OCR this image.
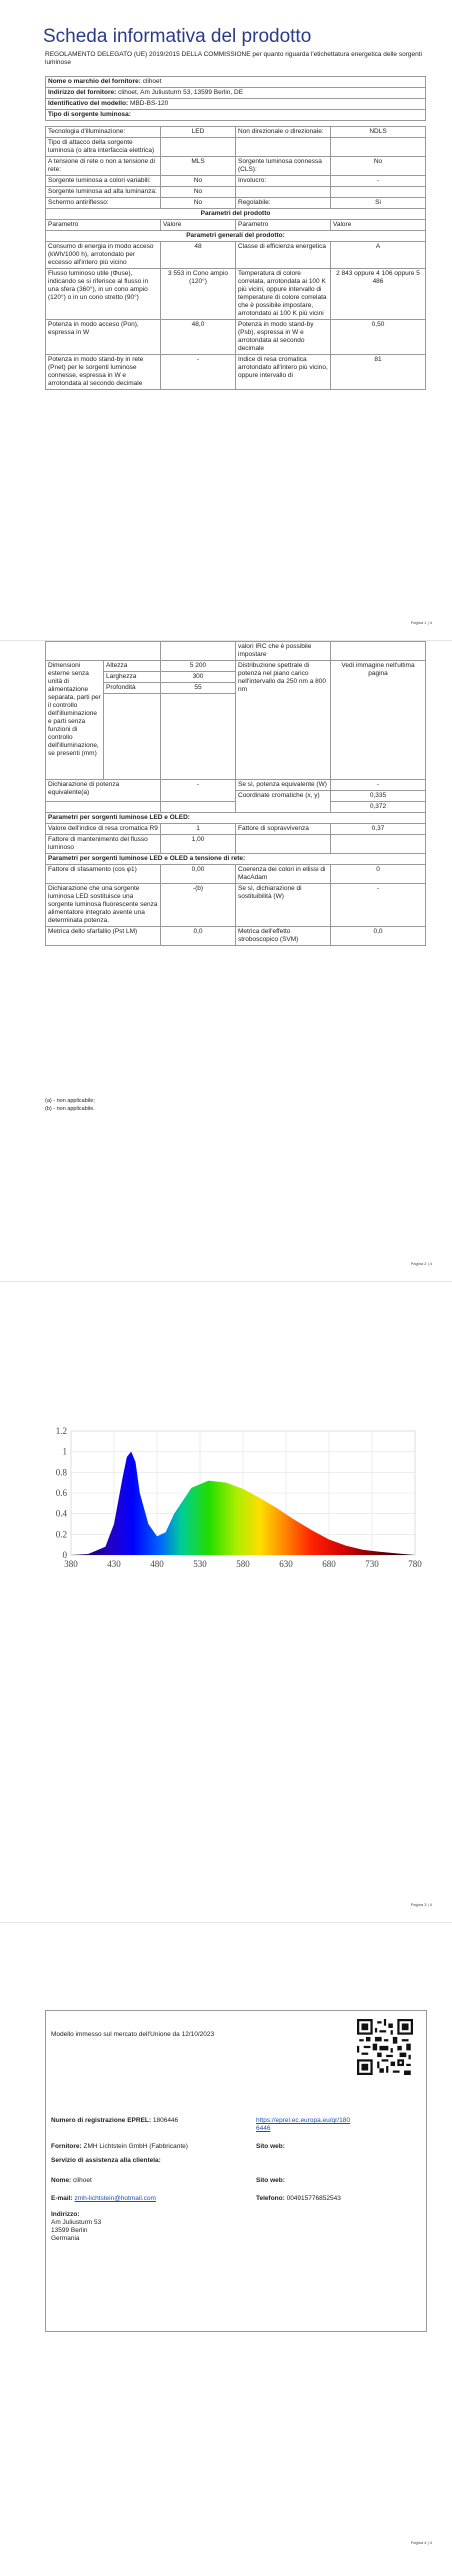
Scheda informativa del prodotto
REGOLAMENTO DELEGATO (UE) 2019/2015 DELLA COMMISSIONE per quanto riguarda l'etichettatura energetica delle sorgenti luminose
Nome o marchio del fornitore: clihoet
Indirizzo del fornitore: clihoet, Am Juliusturm 53, 13599 Berlin, DE
Identificativo del modello: MBD-BS-120
Tipo di sorgente luminosa:
Tecnologia d'illuminazione:	LED	Non direzionale o direzionale:	NDLS
Tipo di attacco della sorgente luminosa (o altra interfaccia elettrica)			
A tensione di rete o non a tensione di rete:	MLS	Sorgente luminosa connessa (CLS):	No
Sorgente luminosa a colori variabili:	No	Involucro:	-
Sorgente luminosa ad alta luminanza:	No		
Schermo antiriflesso:	No	Regolabile:	Si
Parametri del prodotto			
Parametro	Valore	Parametro	Valore
Parametri generali del prodotto:			
Consumo di energia in modo acceso (kWh/1000 h), arrotondato per eccesso all'intero più vicino	48	Classe di efficienza energetica	A
Flusso luminoso utile (Φuse), indicando se si riferisce al flusso in una sfera (360°), in un cono ampio (120°) o in un cono stretto (90°)	3 553 in Cono ampio (120°)	Temperatura di colore correlata, arrotondata ai 100 K più vicini, oppure intervallo di temperature di colore correlata che è possibile impostare, arrotondato ai 100 K più vicini	2 843 oppure 4 106 oppure 5 486
Potenza in modo acceso (Pon), espressa in W	48,0	Potenza in modo stand-by (Psb), espressa in W e arrotondata al secondo decimale	0,50
Potenza in modo stand-by in rete (Pnet) per le sorgenti luminose connesse, espressa in W e arrotondata al secondo decimale	-	Indice di resa cromatica arrotondato all'intero più vicino, oppure intervallo di	81
Pagina 1 | 4
			valori IRC che è possibile impostare	
Dimensioni esterne senza unità di alimentazione separata, parti per il controllo dell'illuminazione e parti senza funzioni di controllo dell'illuminazione, se presenti (mm)	Altezza	5 200	Distribuzione spettrale di potenza nel piano carico nell'intervallo da 250 nm a 800 nm	Vedi immagine nell'ultima pagina
	Larghezza	300		
	Profondità	55		

Dichiarazione di potenza equivalente(a)		-	Se sì, potenza equivalente (W)	-
			Coordinate cromatiche (x, y)	0,335
				0,372
Parametri per sorgenti luminose LED e OLED:				
Valore dell'indice di resa cromatica R9		1	Fattore di sopravvivenza	0,37
Fattore di mantenimento del flusso luminoso		1,00		
Parametri per sorgenti luminose LED e OLED a tensione di rete:				
Fattore di sfasamento (cos φ1)		0,00	Coerenza dei colori in ellissi di MacAdam	0
Dichiarazione che una sorgente luminosa LED sostituisce una sorgente luminosa fluorescente senza alimentatore integrato avente una determinata potenza.		-(b)	Se sì, dichiarazione di sostituibilità (W)	-
Metrica dello sfarfallio (Pst LM)		0,0	Metrica dell'effetto stroboscopico (SVM)	0,0
(a) - non applicabile;
(b) - non applicabile.
Pagina 2 | 4
380	430	480	530	580	630	680	730	780
0
0.2
0.4
0.6
0.8
1
1.2
Pagina 3 | 4
Modello immesso sul mercato dell'Unione da 12/10/2023
Numero di registrazione EPREL: 1806446	https://eprel.ec.europa.eu/qr/1806446
Fornitore: ZMH Lichtstein GmbH (Fabbricante)	Sito web:
Servizio di assistenza alla clientela:
Nome: clihoet	Sito web:
E-mail: zmh-lichtstein@hotmail.com	Telefono: 004915776852543
Indirizzo:
Am Juliusturm 53
13599 Berlin
Germania
Pagina 4 | 4
